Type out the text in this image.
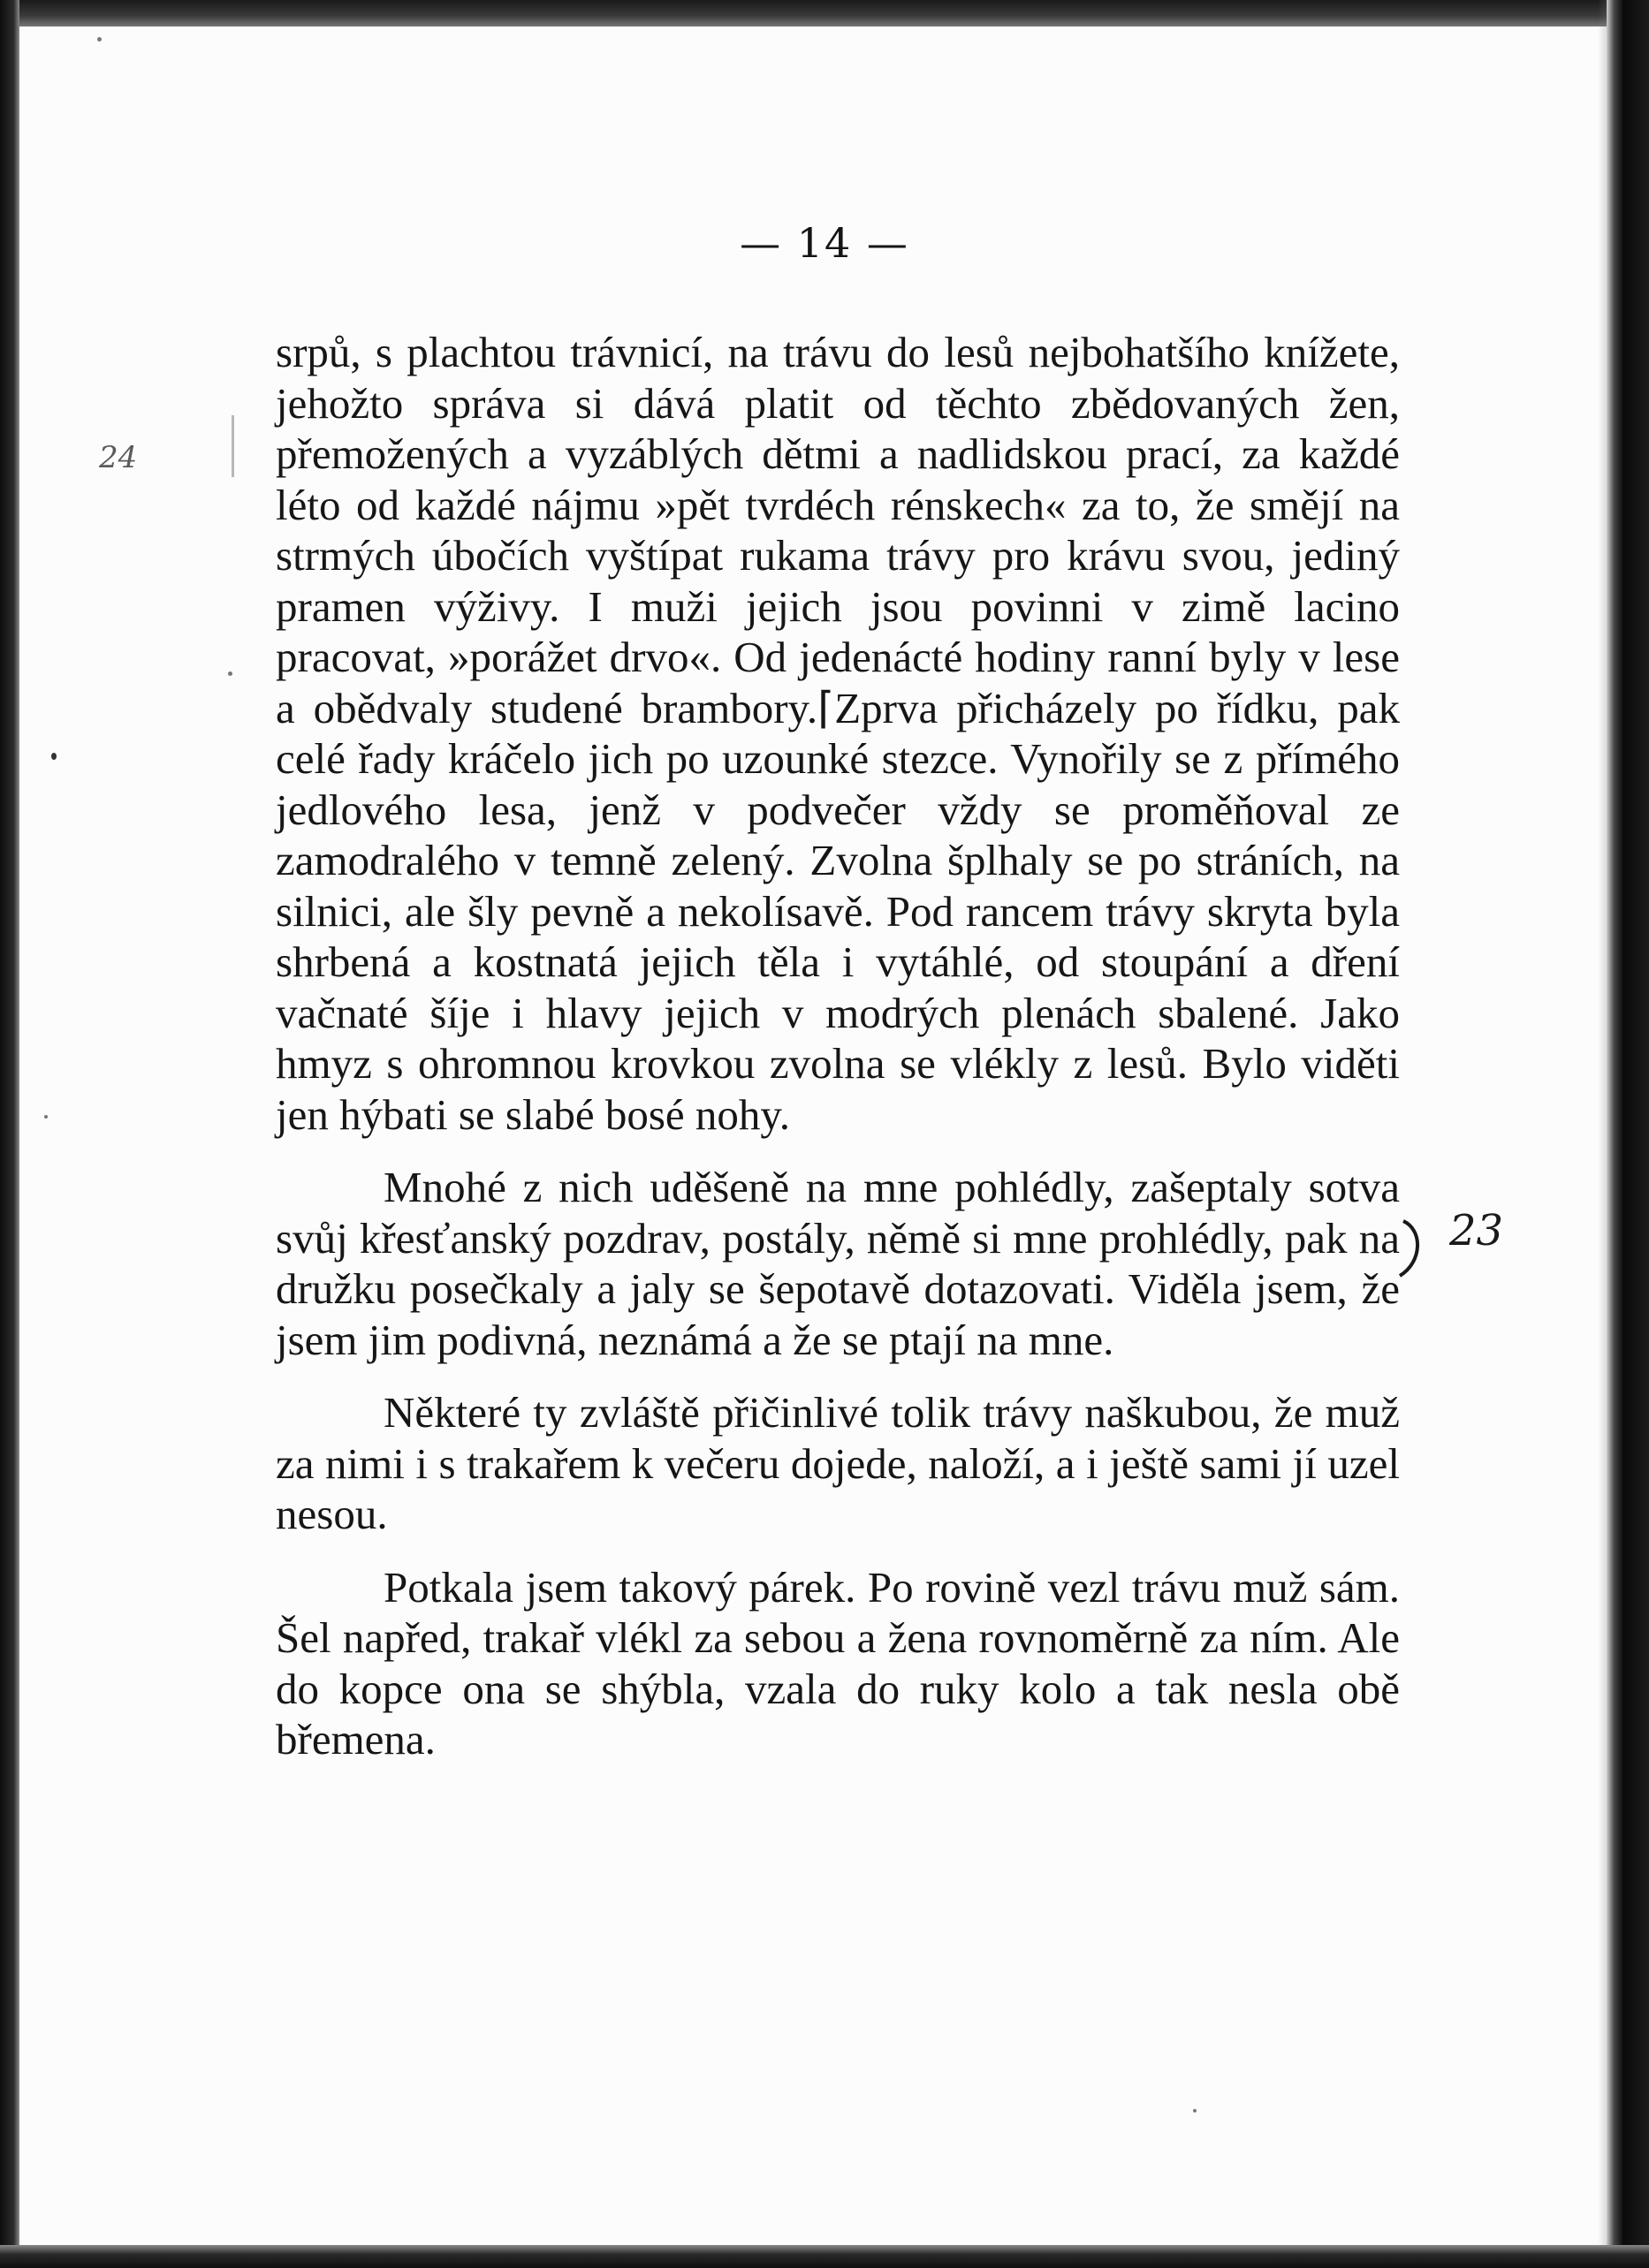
— 14 —
24
23

srpů, s plachtou trávnicí, na trávu do lesů nejbohatšího knížete, jehožto správa si dává platit od těchto zbědovaných žen, přemožených a vyzáblých dětmi a nadlidskou prací, za každé léto od každé nájmu »pět tvrdéch rénskech« za to, že smějí na strmých úbočích vyštípat rukama trávy pro krávu svou, jediný pramen výživy. I muži jejich jsou povinni v zimě lacino pracovat, »porážet drvo«. Od jedenácté hodiny ranní byly v lese a obědvaly studené brambory.⌈Zprva přicházely po řídku, pak celé řady kráčelo jich po uzounké stezce. Vynořily se z přímého jedlového lesa, jenž v podvečer vždy se proměňoval ze zamodralého v temně zelený. Zvolna šplhaly se po stráních, na silnici, ale šly pevně a nekolísavě. Pod rancem trávy skryta byla shrbená a kostnatá jejich těla i vytáhlé, od stoupání a dření vačnaté šíje i hlavy jejich v modrých plenách sbalené. Jako hmyz s ohromnou krovkou zvolna se vlékly z lesů. Bylo viděti jen hýbati se slabé bosé nohy.

Mnohé z nich uděšeně na mne pohlédly, zašeptaly sotva svůj křesťanský pozdrav, postály, němě si mne prohlédly, pak na družku posečkaly a jaly se šepotavě dotazovati. Viděla jsem, že jsem jim podivná, neznámá a že se ptají na mne.

Některé ty zvláště přičinlivé tolik trávy naškubou, že muž za nimi i s trakařem k večeru dojede, naloží, a i ještě sami jí uzel nesou.

Potkala jsem takový párek. Po rovině vezl trávu muž sám. Šel napřed, trakař vlékl za sebou a žena rovnoměrně za ním. Ale do kopce ona se shýbla, vzala do ruky kolo a tak nesla obě břemena.
